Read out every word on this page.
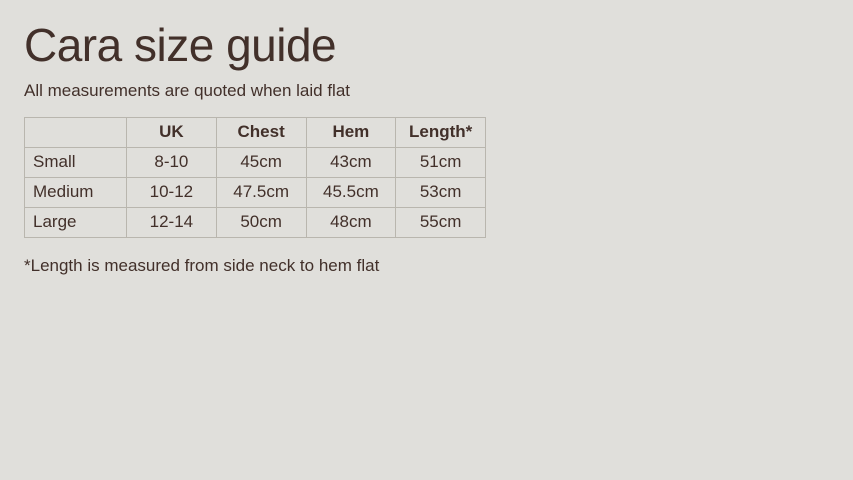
Cara size guide

All measurements are quoted when laid flat

	UK	Chest	Hem	Length*
Small	8-10	45cm	43cm	51cm
Medium	10-12	47.5cm	45.5cm	53cm
Large	12-14	50cm	48cm	55cm

*Length is measured from side neck to hem flat
